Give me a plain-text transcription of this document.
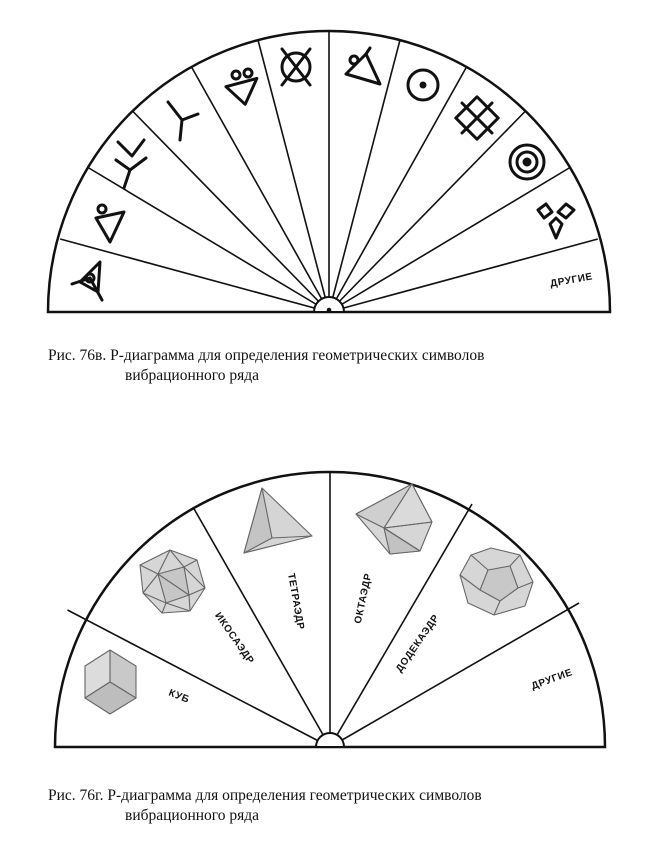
ДРУГИЕ
КУБ
ИКОСАЭДР
ТЕТРАЭДР	ОКТАЭДР
ДОДЕКАЭДР
ДРУГИЕ
Рис. 76в. Р-диаграмма для определения геометрических символов
вибрационного ряда
Рис. 76г. Р-диаграмма для определения геометрических символов
вибрационного ряда
